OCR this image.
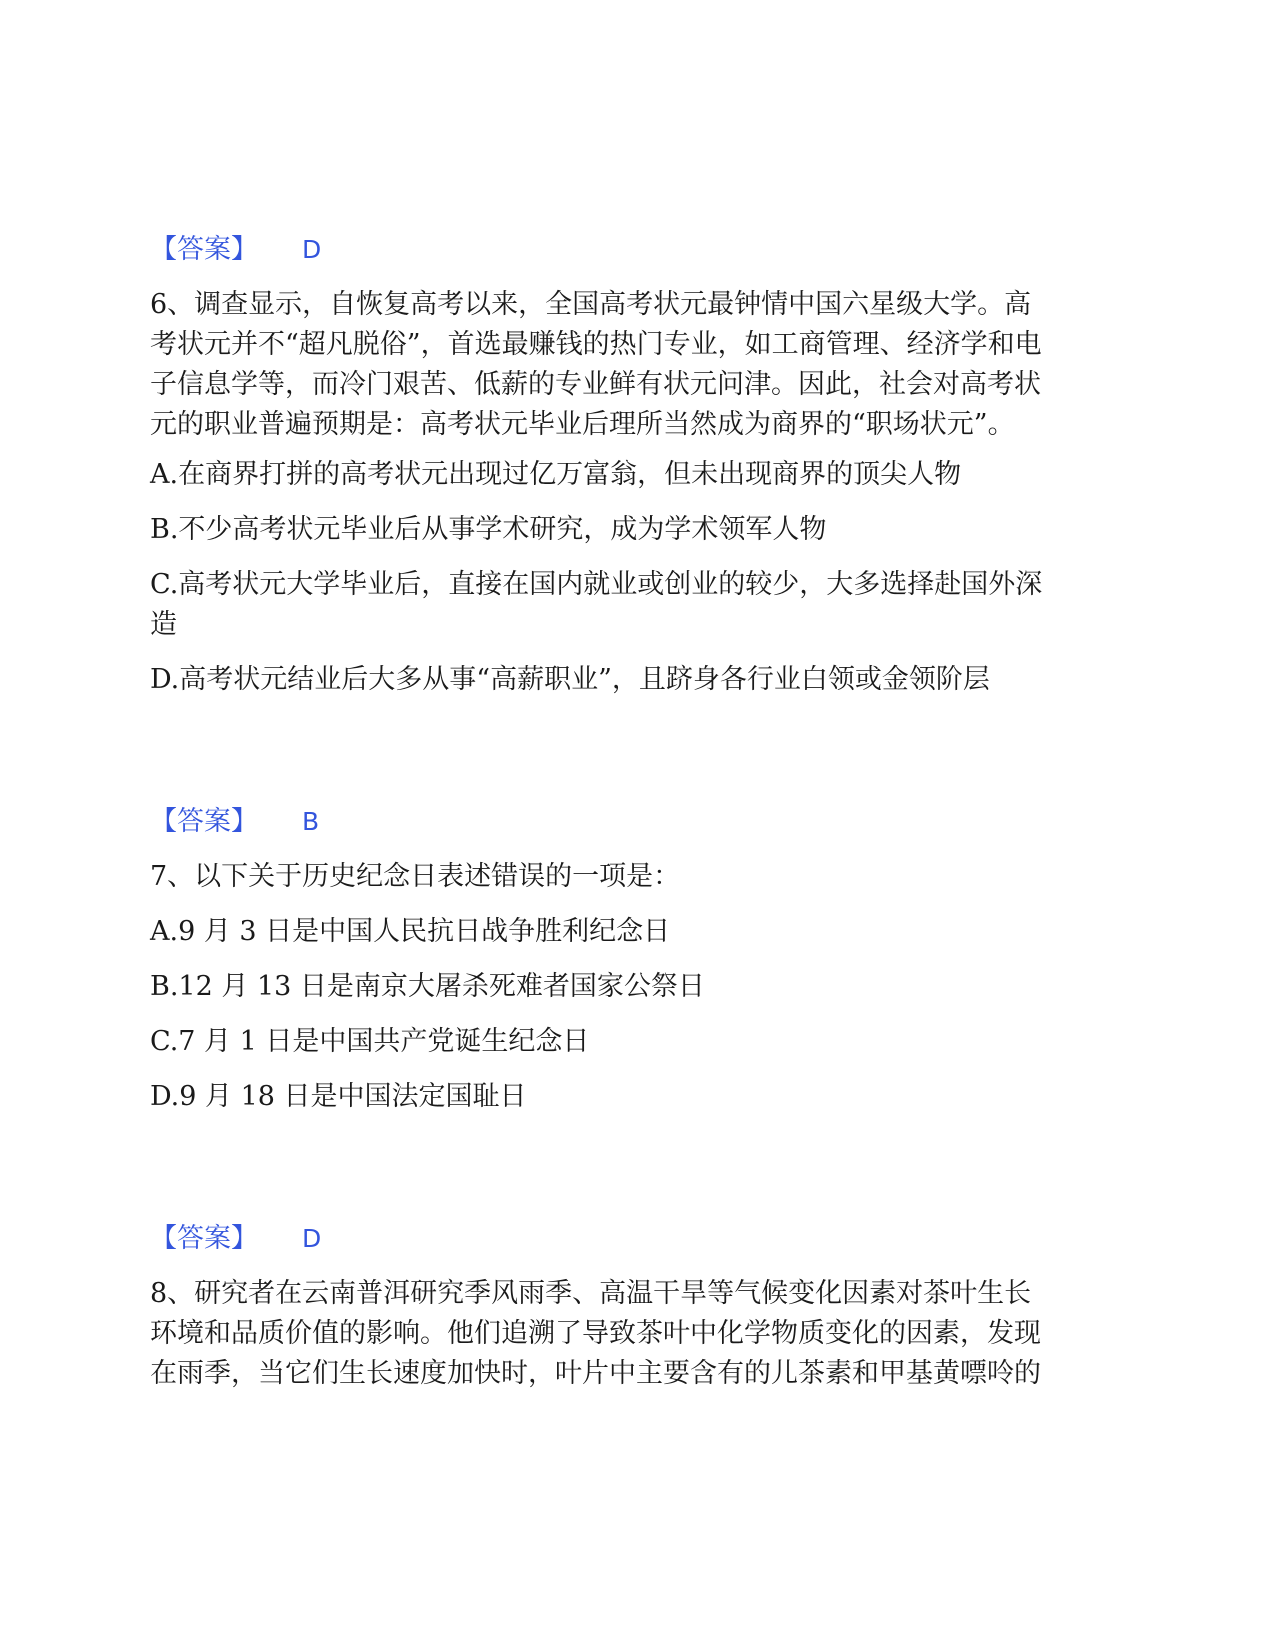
【答案】 D

6、调查显示，自恢复高考以来，全国高考状元最钟情中国六星级大学。高

考状元并不“超凡脱俗”，首选最赚钱的热门专业，如工商管理、经济学和电

子信息学等，而冷门艰苦、低薪的专业鲜有状元问津。因此，社会对高考状

元的职业普遍预期是：高考状元毕业后理所当然成为商界的“职场状元”。

A.在商界打拼的高考状元出现过亿万富翁，但未出现商界的顶尖人物

B.不少高考状元毕业后从事学术研究，成为学术领军人物

C.高考状元大学毕业后，直接在国内就业或创业的较少，大多选择赴国外深

造

D.高考状元结业后大多从事“高薪职业”，且跻身各行业白领或金领阶层

【答案】 B

7、以下关于历史纪念日表述错误的一项是：

A.9 月 3 日是中国人民抗日战争胜利纪念日

B.12 月 13 日是南京大屠杀死难者国家公祭日

C.7 月 1 日是中国共产党诞生纪念日

D.9 月 18 日是中国法定国耻日

【答案】 D

8、研究者在云南普洱研究季风雨季、高温干旱等气候变化因素对茶叶生长

环境和品质价值的影响。他们追溯了导致茶叶中化学物质变化的因素，发现

在雨季，当它们生长速度加快时，叶片中主要含有的儿茶素和甲基黄嘌呤的
